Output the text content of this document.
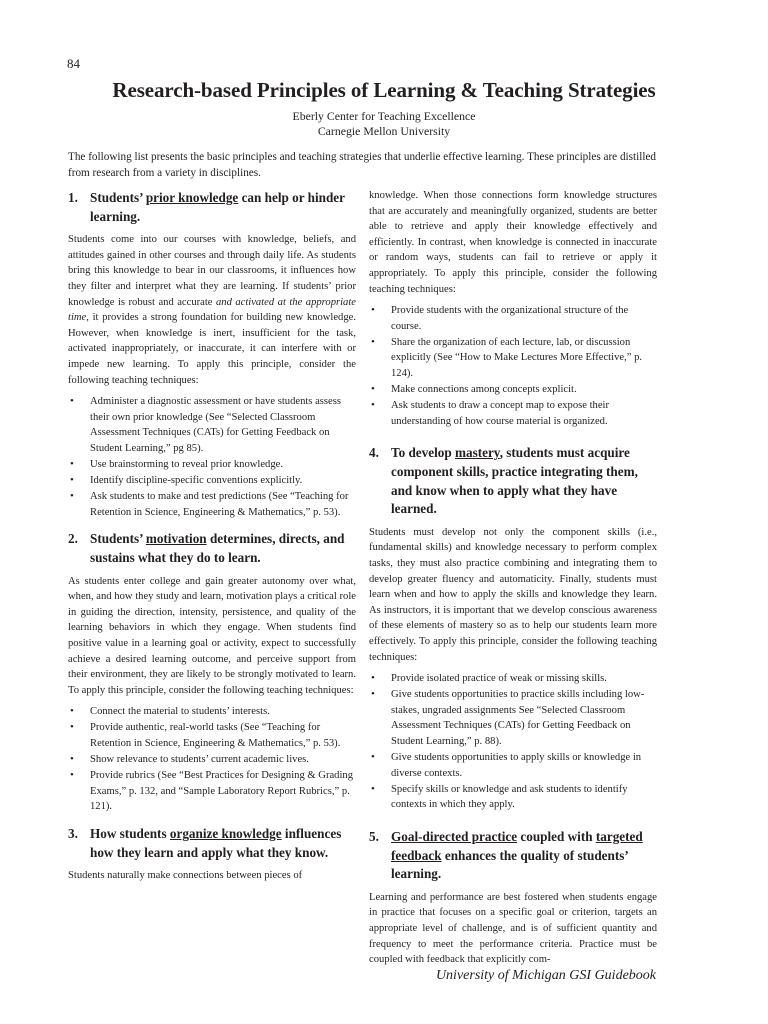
84
Research-based Principles of Learning & Teaching Strategies
Eberly Center for Teaching Excellence
Carnegie Mellon University

The following list presents the basic principles and teaching strategies that underlie effective learning. These principles are distilled from research from a variety in disciplines.

1. Students’ prior knowledge can help or hinder learning.

Students come into our courses with knowledge, beliefs, and attitudes gained in other courses and through daily life. As students bring this knowledge to bear in our classrooms, it influences how they filter and interpret what they are learning. If students’ prior knowledge is robust and accurate and activated at the appropriate time, it provides a strong foundation for building new knowledge. However, when knowledge is inert, insufficient for the task, activated inappropriately, or inaccurate, it can interfere with or impede new learning. To apply this principle, consider the following teaching techniques:

• Administer a diagnostic assessment or have students assess their own prior knowledge (See “Selected Classroom Assessment Techniques (CATs) for Getting Feedback on Student Learning,” pg 85).
• Use brainstorming to reveal prior knowledge.
• Identify discipline-specific conventions explicitly.
• Ask students to make and test predictions (See “Teaching for Retention in Science, Engineering & Mathematics,” p. 53).
2. Students’ motivation determines, directs, and sustains what they do to learn.

As students enter college and gain greater autonomy over what, when, and how they study and learn, motivation plays a critical role in guiding the direction, intensity, persistence, and quality of the learning behaviors in which they engage. When students find positive value in a learning goal or activity, expect to successfully achieve a desired learning outcome, and perceive support from their environment, they are likely to be strongly motivated to learn. To apply this principle, consider the following teaching techniques:

• Connect the material to students’ interests.
• Provide authentic, real-world tasks (See “Teaching for Retention in Science, Engineering & Mathematics,” p. 53).
• Show relevance to students’ current academic lives.
• Provide rubrics (See “Best Practices for Designing & Grading Exams,” p. 132, and “Sample Laboratory Report Rubrics,” p. 121).
3. How students organize knowledge influences how they learn and apply what they know.

Students naturally make connections between pieces of

knowledge. When those connections form knowledge structures that are accurately and meaningfully organized, students are better able to retrieve and apply their knowledge effectively and efficiently. In contrast, when knowledge is connected in inaccurate or random ways, students can fail to retrieve or apply it appropriately. To apply this principle, consider the following teaching techniques:

• Provide students with the organizational structure of the course.
• Share the organization of each lecture, lab, or discussion explicitly (See “How to Make Lectures More Effective,” p. 124).
• Make connections among concepts explicit.
• Ask students to draw a concept map to expose their understanding of how course material is organized.
4. To develop mastery, students must acquire component skills, practice integrating them, and know when to apply what they have learned.

Students must develop not only the component skills (i.e., fundamental skills) and knowledge necessary to perform complex tasks, they must also practice combining and integrating them to develop greater fluency and automaticity. Finally, students must learn when and how to apply the skills and knowledge they learn. As instructors, it is important that we develop conscious awareness of these elements of mastery so as to help our students learn more effectively. To apply this principle, consider the following teaching techniques:

• Provide isolated practice of weak or missing skills.
• Give students opportunities to practice skills including low-stakes, ungraded assignments See “Selected Classroom Assessment Techniques (CATs) for Getting Feedback on Student Learning,” p. 88).
• Give students opportunities to apply skills or knowledge in diverse contexts.
• Specify skills or knowledge and ask students to identify contexts in which they apply.
5. Goal-directed practice coupled with targeted feedback enhances the quality of students’ learning.

Learning and performance are best fostered when students engage in practice that focuses on a specific goal or criterion, targets an appropriate level of challenge, and is of sufficient quantity and frequency to meet the performance criteria. Practice must be coupled with feedback that explicitly com-

University of Michigan GSI Guidebook
